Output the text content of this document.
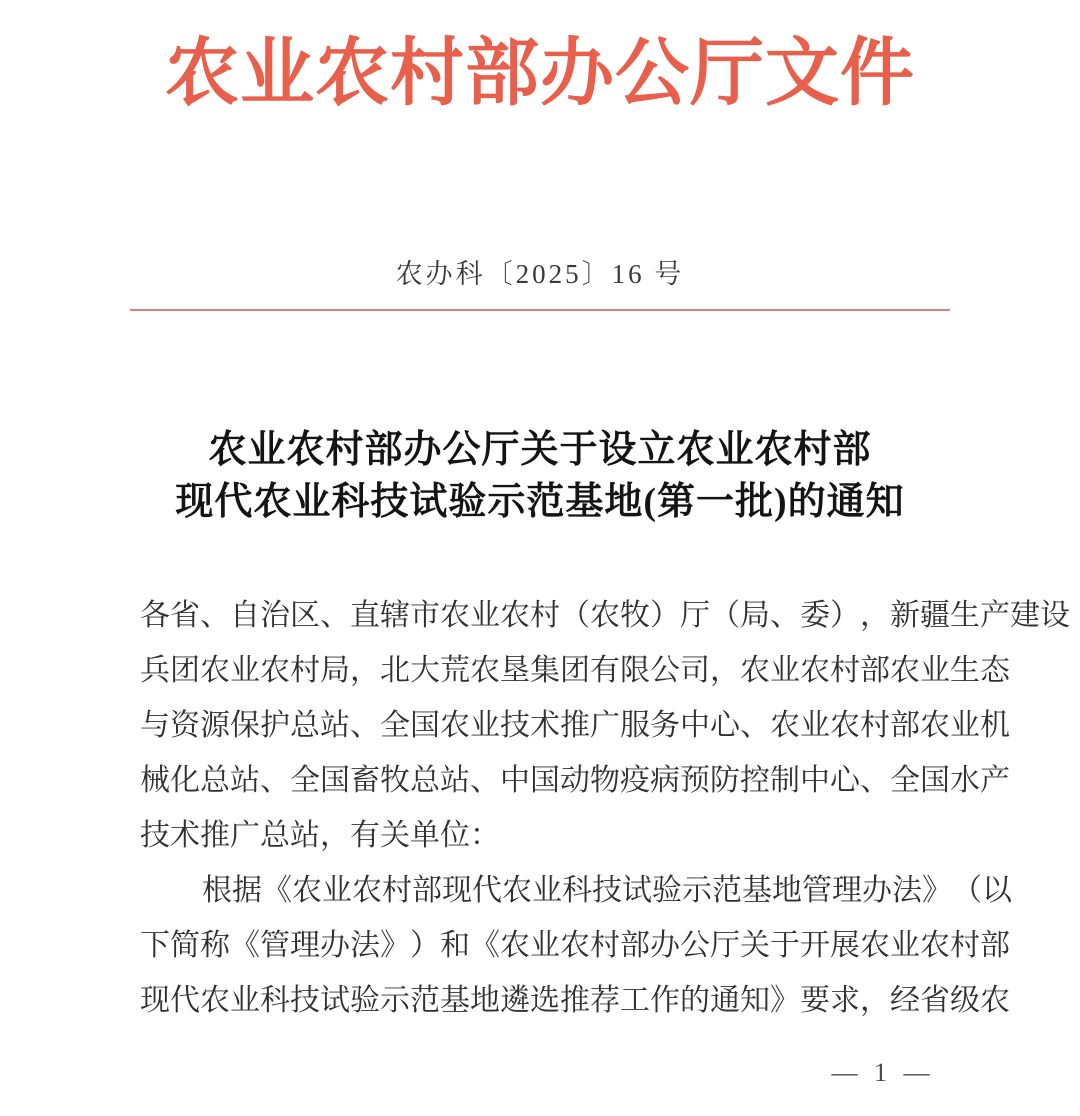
农业农村部办公厅文件
农办科〔2025〕16 号
农业农村部办公厅关于设立农业农村部
现代农业科技试验示范基地(第一批)的通知
各 省 、 自 治 区 、 直 辖 市 农 业 农 村 （ 农 牧 ） 厅 （ 局 、 委 ） ， 新 疆 生 产 建 设
兵 团 农 业 农 村 局 ， 北 大 荒 农 垦 集 团 有 限 公 司 ， 农 业 农 村 部 农 业 生 态
与 资 源 保 护 总 站 、 全 国 农 业 技 术 推 广 服 务 中 心 、 农 业 农 村 部 农 业 机
械 化 总 站 、 全 国 畜 牧 总 站 、 中 国 动 物 疫 病 预 防 控 制 中 心 、 全 国 水 产
技术推广总站，有关单位：
根 据 《 农 业 农 村 部 现 代 农 业 科 技 试 验 示 范 基 地 管 理 办 法 》 （ 以
下 简 称 《 管 理 办 法 》 ） 和 《 农 业 农 村 部 办 公 厅 关 于 开 展 农 业 农 村 部
现 代 农 业 科 技 试 验 示 范 基 地 遴 选 推 荐 工 作 的 通 知 》 要 求 ， 经 省 级 农
— 1 —
